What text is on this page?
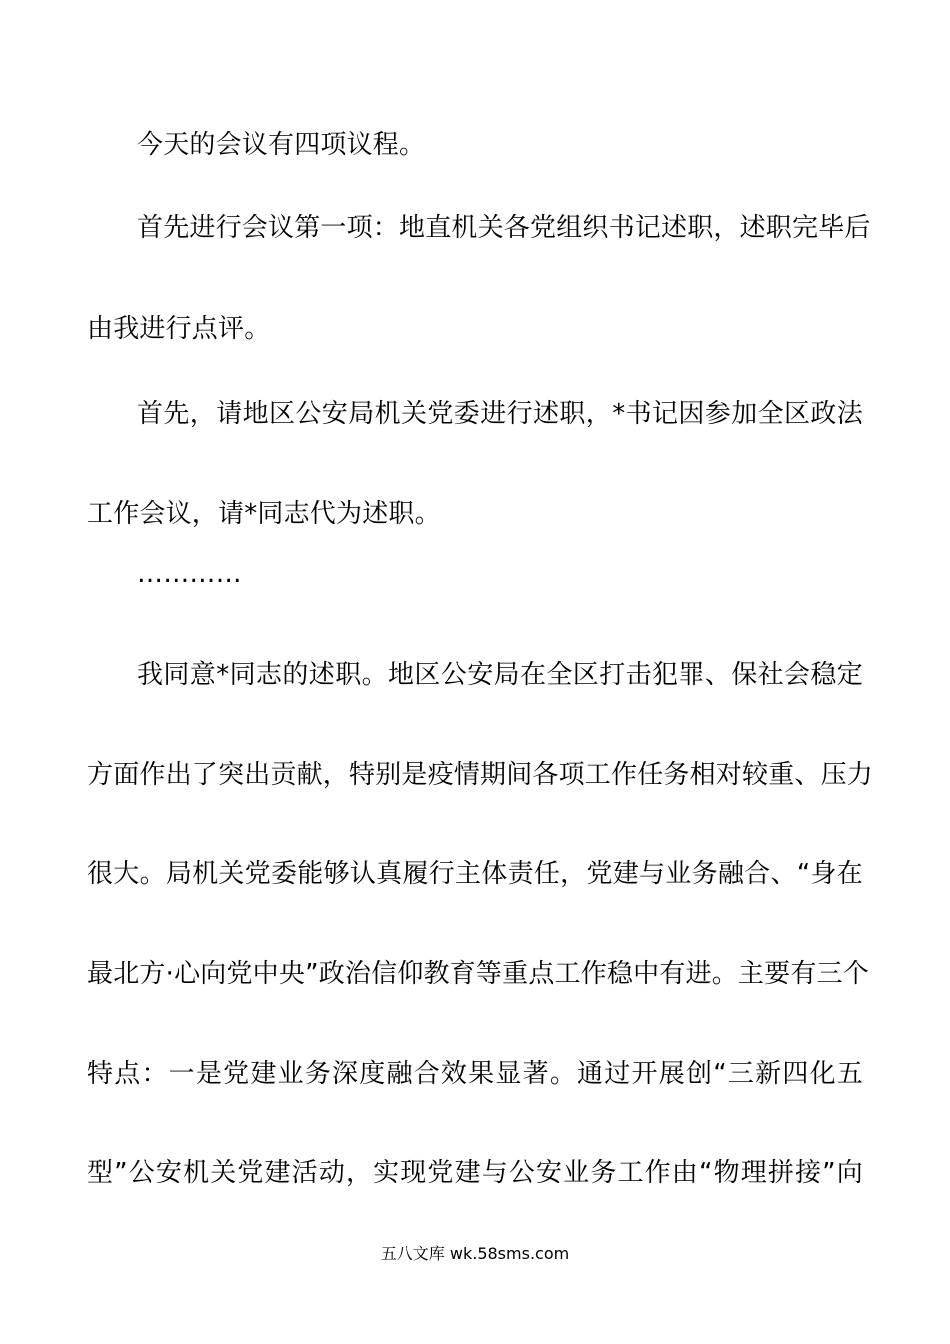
今天的会议有四项议程。
首先进行会议第一项：地直机关各党组织书记述职，述职完毕后
由我进行点评。
首先，请地区公安局机关党委进行述职，*书记因参加全区政法
工作会议，请*同志代为述职。
…………
我同意*同志的述职。地区公安局在全区打击犯罪、保社会稳定
方面作出了突出贡献，特别是疫情期间各项工作任务相对较重、压力
很大。局机关党委能够认真履行主体责任，党建与业务融合、“身在
最北方·心向党中央”政治信仰教育等重点工作稳中有进。主要有三个
特点：一是党建业务深度融合效果显著。通过开展创“三新四化五
型”公安机关党建活动，实现党建与公安业务工作由“物理拼接”向
五八文库 wk.58sms.com
